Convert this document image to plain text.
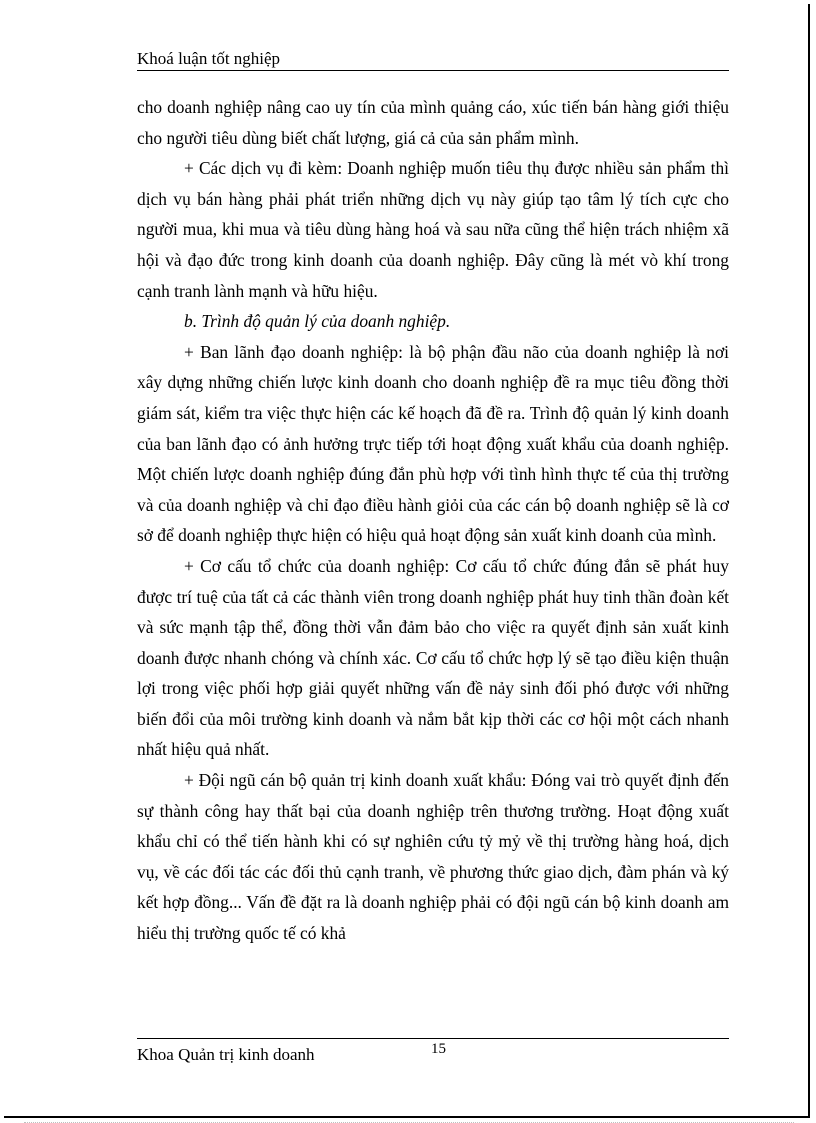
Khoá luận tốt nghiệp

cho doanh nghiệp nâng cao uy tín của mình quảng cáo, xúc tiến bán hàng giới thiệu cho người tiêu dùng biết chất lượng, giá cả của sản phẩm mình.

+ Các dịch vụ đi kèm: Doanh nghiệp muốn tiêu thụ được nhiều sản phẩm thì dịch vụ bán hàng phải phát triển những dịch vụ này giúp tạo tâm lý tích cực cho người mua, khi mua và tiêu dùng hàng hoá và sau nữa cũng thể hiện trách nhiệm xã hội và đạo đức trong kinh doanh của doanh nghiệp. Đây cũng là mét vò khí trong cạnh tranh lành mạnh và hữu hiệu.

b. Trình độ quản lý của doanh nghiệp.

+ Ban lãnh đạo doanh nghiệp: là bộ phận đầu não của doanh nghiệp là nơi xây dựng những chiến lược kinh doanh cho doanh nghiệp đề ra mục tiêu đồng thời giám sát, kiểm tra việc thực hiện các kế hoạch đã đề ra. Trình độ quản lý kinh doanh của ban lãnh đạo có ảnh hưởng trực tiếp tới hoạt động xuất khẩu của doanh nghiệp. Một chiến lược doanh nghiệp đúng đắn phù hợp với tình hình thực tế của thị trường và của doanh nghiệp và chỉ đạo điều hành giỏi của các cán bộ doanh nghiệp sẽ là cơ sở để doanh nghiệp thực hiện có hiệu quả hoạt động sản xuất kinh doanh của mình.

+ Cơ cấu tổ chức của doanh nghiệp: Cơ cấu tổ chức đúng đắn sẽ phát huy được trí tuệ của tất cả các thành viên trong doanh nghiệp phát huy tinh thần đoàn kết và sức mạnh tập thể, đồng thời vẫn đảm bảo cho việc ra quyết định sản xuất kinh doanh được nhanh chóng và chính xác. Cơ cấu tổ chức hợp lý sẽ tạo điều kiện thuận lợi trong việc phối hợp giải quyết những vấn đề nảy sinh đối phó được với những biến đổi của môi trường kinh doanh và nắm bắt kịp thời các cơ hội một cách nhanh nhất hiệu quả nhất.

+ Đội ngũ cán bộ quản trị kinh doanh xuất khẩu: Đóng vai trò quyết định đến sự thành công hay thất bại của doanh nghiệp trên thương trường. Hoạt động xuất khẩu chỉ có thể tiến hành khi có sự nghiên cứu tỷ mỷ về thị trường hàng hoá, dịch vụ, về các đối tác các đối thủ cạnh tranh, về phương thức giao dịch, đàm phán và ký kết hợp đồng... Vấn đề đặt ra là doanh nghiệp phải có đội ngũ cán bộ kinh doanh am hiểu thị trường quốc tế có khả

Khoa Quản trị kinh doanh	15
